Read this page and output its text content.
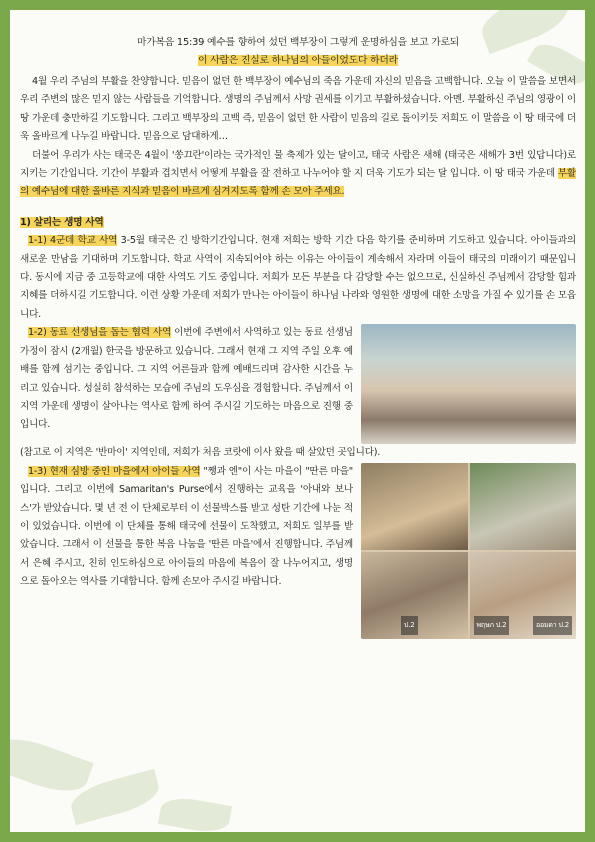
마가복음 15:39 예수를 향하여 섰던 백부장이 그렇게 운명하심을 보고 가로되
이 사람은 진실로 하나님의 아들이었도다 하더라

4월 우리 주님의 부활을 찬양합니다. 믿음이 없던 한 백부장이 예수님의 죽음 가운데 자신의 믿음을 고백합니다. 오늘 이 말씀을 보면서 우리 주변의 많은 믿지 않는 사람들을 기억합니다. 생명의 주님께서 사망 권세를 이기고 부활하셨습니다. 아멘. 부활하신 주님의 영광이 이 땅 가운데 충만하길 기도합니다. 그리고 백부장의 고백 즉, 믿음이 없던 한 사람이 믿음의 길로 돌이키듯 저희도 이 말씀을 이 땅 태국에 더욱 올바르게 나누길 바랍니다. 믿음으로 담대하게…

더불어 우리가 사는 태국은 4월이 '쏭끄란'이라는 국가적인 물 축제가 있는 달이고, 태국 사람은 새해 (태국은 새해가 3번 있답니다)로 지키는 기간입니다. 기간이 부활과 겹치면서 어떻게 부활을 잘 전하고 나누어야 할 지 더욱 기도가 되는 달 입니다. 이 땅 태국 가운데 부활의 예수님에 대한 올바른 지식과 믿음이 바르게 심겨지도록 함께 손 모아 주세요.

1) 살리는 생명 사역

1-1) 4군데 학교 사역 3-5월 태국은 긴 방학기간입니다. 현재 저희는 방학 기간 다음 학기를 준비하며 기도하고 있습니다. 아이들과의 새로운 만남을 기대하며 기도합니다. 학교 사역이 지속되어야 하는 이유는 아이들이 계속해서 자라며 이들이 태국의 미래이기 때문입니다. 동시에 지금 중 고등학교에 대한 사역도 기도 중입니다. 저희가 모든 부분을 다 감당할 수는 없으므로, 신실하신 주님께서 감당할 힘과 지혜를 더하시길 기도합니다. 이런 상황 가운데 저희가 만나는 아이들이 하나님 나라와 영원한 생명에 대한 소망을 가질 수 있기를 손 모읍니다.

1-2) 동료 선생님을 돕는 협력 사역 이번에 주변에서 사역하고 있는 동료 선생님 가정이 잠시 (2개월) 한국을 방문하고 있습니다. 그래서 현재 그 지역 주일 오후 예배를 함께 섬기는 중입니다. 그 지역 어른들과 함께 예배드리며 감사한 시간을 누리고 있습니다. 성실히 참석하는 모습에 주님의 도우심을 경험합니다. 주님께서 이 지역 가운데 생명이 살아나는 역사로 함께 하여 주시길 기도하는 마음으로 진행 중입니다.

(참고로 이 지역은 '반마이' 지역인데, 저희가 처음 코랏에 이사 왔을 때 살았던 곳입니다).

1-3) 현재 심방 중인 마을에서 아이들 사역 "쨍과 엔"이 사는 마을이 "딴른 마을" 입니다. 그리고 이번에 Samaritan's Purse에서 진행하는 교육을 '아내와 보나스'가 받았습니다. 몇 년 전 이 단체로부터 이 선물박스를 받고 성탄 기간에 나눈 적이 있었습니다. 이번에 이 단체를 통해 태국에 선물이 도착했고, 저희도 일부를 받았습니다. 그래서 이 선물을 통한 복음 나눔을 '딴른 마을'에서 진행합니다. 주님께서 은혜 주시고, 친히 인도하심으로 아이들의 마음에 복음이 잘 나누어지고, 생명으로 돌아오는 역사를 기대합니다. 함께 손모아 주시길 바랍니다.

ป.2	พฤษภ ป.2	ออมดา ป.2
